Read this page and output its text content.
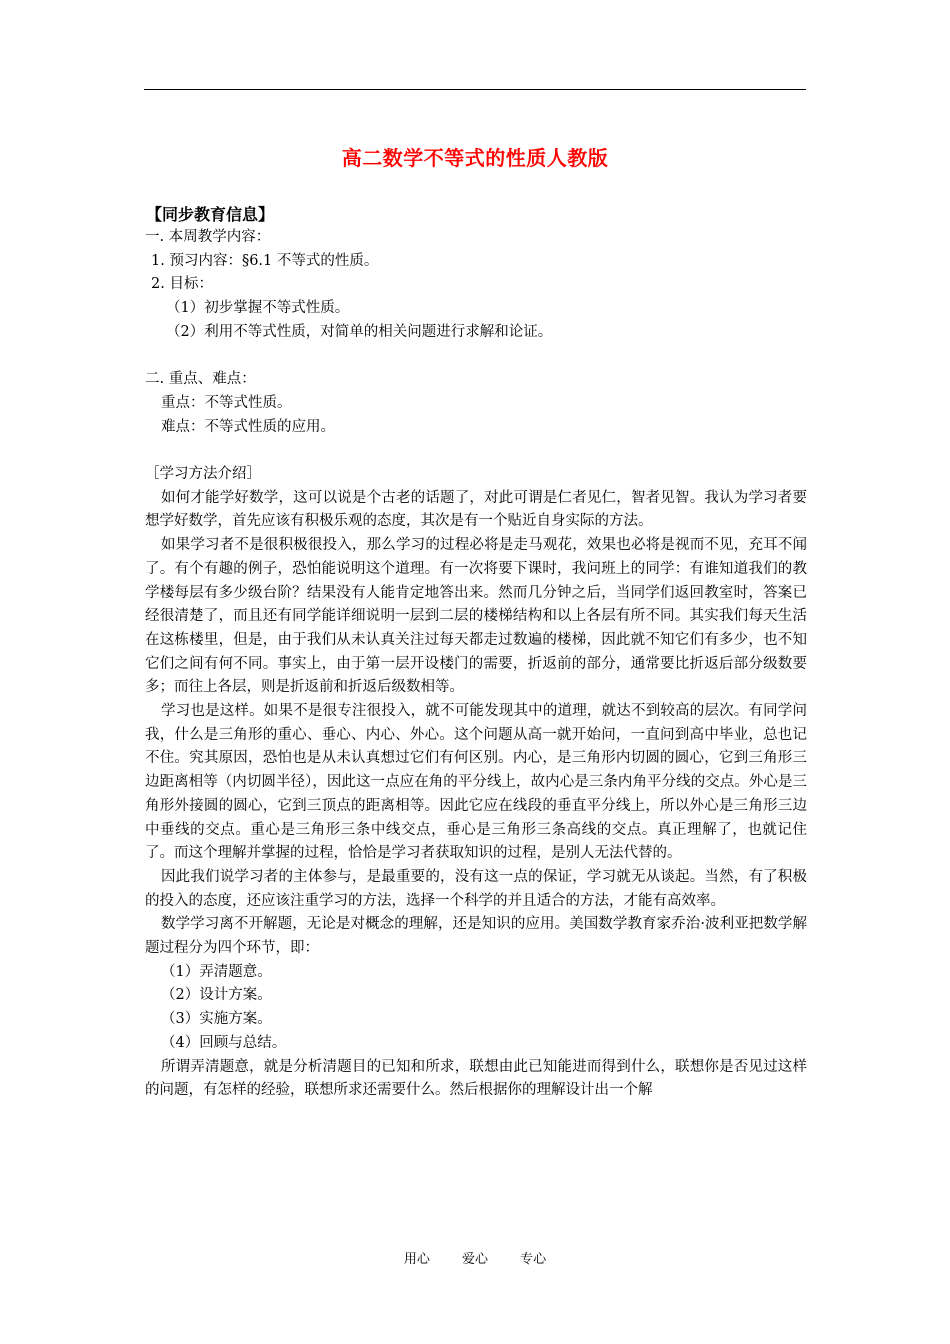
高二数学不等式的性质人教版
【同步教育信息】

一. 本周教学内容：

1. 预习内容：§6.1 不等式的性质。

2. 目标：

（1）初步掌握不等式性质。

（2）利用不等式性质，对简单的相关问题进行求解和论证。

二. 重点、难点：

重点：不等式性质。

难点：不等式性质的应用。

［学习方法介绍］

如何才能学好数学，这可以说是个古老的话题了，对此可谓是仁者见仁，智者见智。我认为学习者要想学好数学，首先应该有积极乐观的态度，其次是有一个贴近自身实际的方法。

如果学习者不是很积极很投入，那么学习的过程必将是走马观花，效果也必将是视而不见，充耳不闻了。有个有趣的例子，恐怕能说明这个道理。有一次将要下课时，我问班上的同学：有谁知道我们的教学楼每层有多少级台阶？结果没有人能肯定地答出来。然而几分钟之后，当同学们返回教室时，答案已经很清楚了，而且还有同学能详细说明一层到二层的楼梯结构和以上各层有所不同。其实我们每天生活在这栋楼里，但是，由于我们从未认真关注过每天都走过数遍的楼梯，因此就不知它们有多少，也不知它们之间有何不同。事实上，由于第一层开设楼门的需要，折返前的部分，通常要比折返后部分级数要多；而往上各层，则是折返前和折返后级数相等。

学习也是这样。如果不是很专注很投入，就不可能发现其中的道理，就达不到较高的层次。有同学问我，什么是三角形的重心、垂心、内心、外心。这个问题从高一就开始问，一直问到高中毕业，总也记不住。究其原因，恐怕也是从未认真想过它们有何区别。内心，是三角形内切圆的圆心，它到三角形三边距离相等（内切圆半径），因此这一点应在角的平分线上，故内心是三条内角平分线的交点。外心是三角形外接圆的圆心，它到三顶点的距离相等。因此它应在线段的垂直平分线上，所以外心是三角形三边中垂线的交点。重心是三角形三条中线交点，垂心是三角形三条高线的交点。真正理解了，也就记住了。而这个理解并掌握的过程，恰恰是学习者获取知识的过程，是别人无法代替的。

因此我们说学习者的主体参与，是最重要的，没有这一点的保证，学习就无从谈起。当然，有了积极的投入的态度，还应该注重学习的方法，选择一个科学的并且适合的方法，才能有高效率。

数学学习离不开解题，无论是对概念的理解，还是知识的应用。美国数学教育家乔治·波利亚把数学解题过程分为四个环节，即：

（1）弄清题意。

（2）设计方案。

（3）实施方案。

（4）回顾与总结。

所谓弄清题意，就是分析清题目的已知和所求，联想由此已知能进而得到什么，联想你是否见过这样的问题，有怎样的经验，联想所求还需要什么。然后根据你的理解设计出一个解

用心 爱心 专心
